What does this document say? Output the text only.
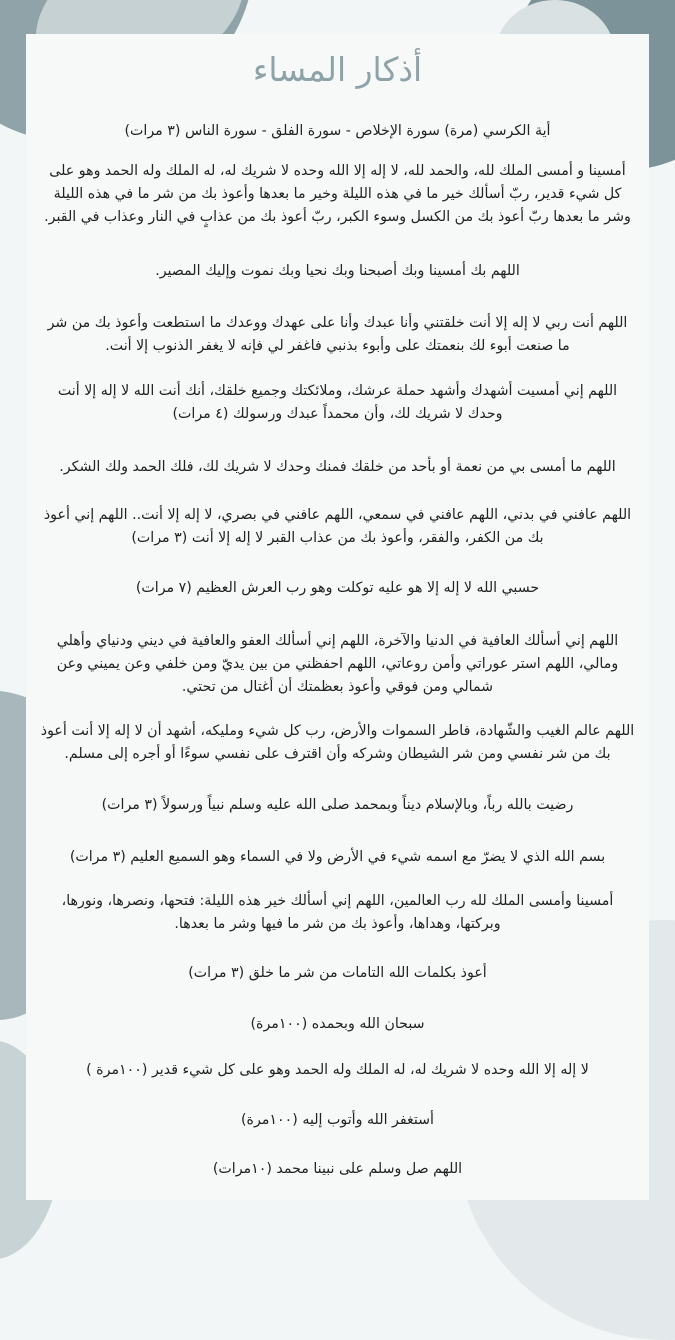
أذكار المساء

أية الكرسي (مرة) سورة الإخلاص - سورة الفلق - سورة الناس (٣ مرات)

أمسينا و أمسى الملك لله، والحمد لله، لا إله إلا الله وحده لا شريك له، له الملك وله الحمد وهو على كل شيء قدير، ربّ أسألك خير ما في هذه الليلة وخير ما بعدها وأعوذ بك من شر ما في هذه الليلة وشر ما بعدها ربّ أعوذ بك من الكسل وسوء الكبر، ربّ أعوذ بك من عذابٍ في النار وعذاب في القبر.

اللهم بك أمسينا وبك أصبحنا وبك نحيا وبك نموت وإليك المصير.

اللهم أنت ربي لا إله إلا أنت خلقتني وأنا عبدك وأنا على عهدك ووعدك ما استطعت وأعوذ بك من شر ما صنعت أبوء لك بنعمتك على وأبوء بذنبي فاغفر لي فإنه لا يغفر الذنوب إلا أنت.

اللهم إني أمسيت أشهدك وأشهد حملة عرشك، وملائكتك وجميع خلقك، أنك أنت الله لا إله إلا أنت وحدك لا شريك لك، وأن محمداً عبدك ورسولك (٤ مرات)

اللهم ما أمسى بي من نعمة أو بأحد من خلقك فمنك وحدك لا شريك لك، فلك الحمد ولك الشكر.

اللهم عافني في بدني، اللهم عافني في سمعي، اللهم عافني في بصري، لا إله إلا أنت.. اللهم إني أعوذ بك من الكفر، والفقر، وأعوذ بك من عذاب القبر لا إله إلا أنت (٣ مرات)

حسبي الله لا إله إلا هو عليه توكلت وهو رب العرش العظيم (٧ مرات)

اللهم إني أسألك العافية في الدنيا والآخرة، اللهم إني أسألك العفو والعافية في ديني ودنياي وأهلي ومالي، اللهم استر عوراتي وأمن روعاتي، اللهم احفظني من بين يديّ ومن خلفي وعن يميني وعن شمالي ومن فوقي وأعوذ بعظمتك أن أغتال من تحتي.

اللهم عالم الغيب والشّهادة، فاطر السموات والأرض، رب كل شيء ومليكه، أشهد أن لا إله إلا أنت أعوذ بك من شر نفسي ومن شر الشيطان وشركه وأن اقترف على نفسي سوءًا أو أجره إلى مسلم.

رضيت بالله رباً، وبالإسلام ديناً وبمحمد صلى الله عليه وسلم نبياً ورسولاً (٣ مرات)

بسم الله الذي لا يضرّ مع اسمه شيء في الأرض ولا في السماء وهو السميع العليم (٣ مرات)

أمسينا وأمسى الملك لله رب العالمين، اللهم إني أسألك خير هذه الليلة: فتحها، ونصرها، ونورها، وبركتها، وهداها، وأعوذ بك من شر ما فيها وشر ما بعدها.

أعوذ بكلمات الله التامات من شر ما خلق (٣ مرات)

سبحان الله وبحمده (١٠٠مرة)

لا إله إلا الله وحده لا شريك له، له الملك وله الحمد وهو على كل شيء قدير (١٠٠مرة )

أستغفر الله وأتوب إليه (١٠٠مرة)

اللهم صل وسلم على نبينا محمد (١٠مرات)
